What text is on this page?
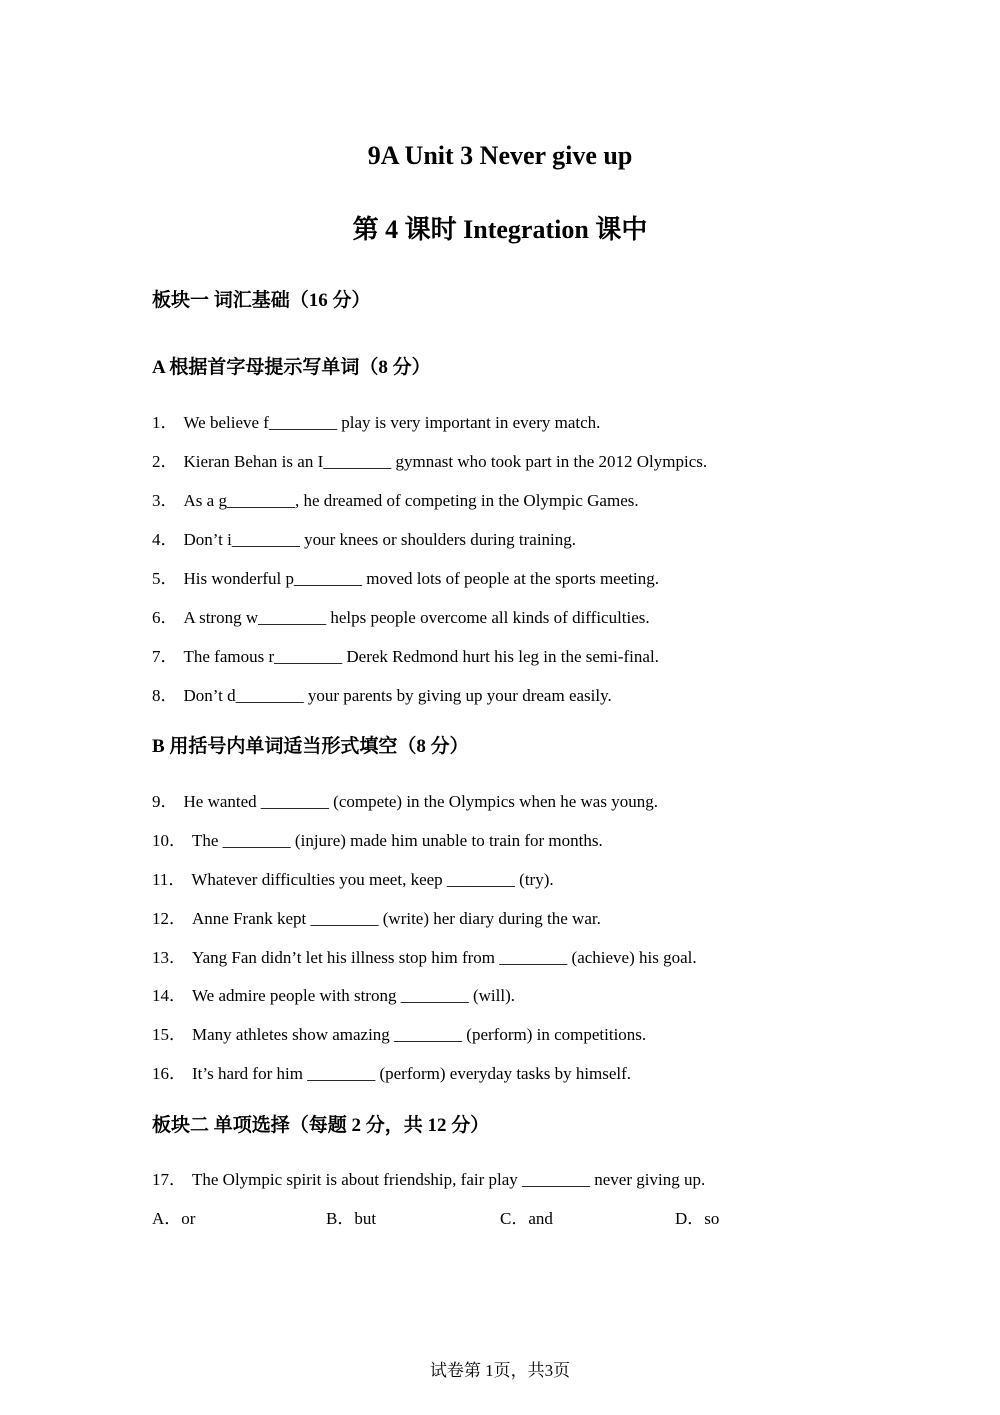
9A Unit 3 Never give up
第 4 课时 Integration 课中
板块一 词汇基础（16 分）
A 根据首字母提示写单词（8 分）
1． We believe f________ play is very important in every match.
2． Kieran Behan is an I________ gymnast who took part in the 2012 Olympics.
3． As a g________, he dreamed of competing in the Olympic Games.
4． Don’t i________ your knees or shoulders during training.
5． His wonderful p________ moved lots of people at the sports meeting.
6． A strong w________ helps people overcome all kinds of difficulties.
7． The famous r________ Derek Redmond hurt his leg in the semi-final.
8． Don’t d________ your parents by giving up your dream easily.
B 用括号内单词适当形式填空（8 分）
9． He wanted ________ (compete) in the Olympics when he was young.
10． The ________ (injure) made him unable to train for months.
11． Whatever difficulties you meet, keep ________ (try).
12． Anne Frank kept ________ (write) her diary during the war.
13． Yang Fan didn’t let his illness stop him from ________ (achieve) his goal.
14． We admire people with strong ________ (will).
15． Many athletes show amazing ________ (perform) in competitions.
16． It’s hard for him ________ (perform) everyday tasks by himself.
板块二 单项选择（每题 2 分，共 12 分）
17． The Olympic spirit is about friendship, fair play ________ never giving up.
A．or	B．but	C．and	D．so
试卷第 1页，共3页
